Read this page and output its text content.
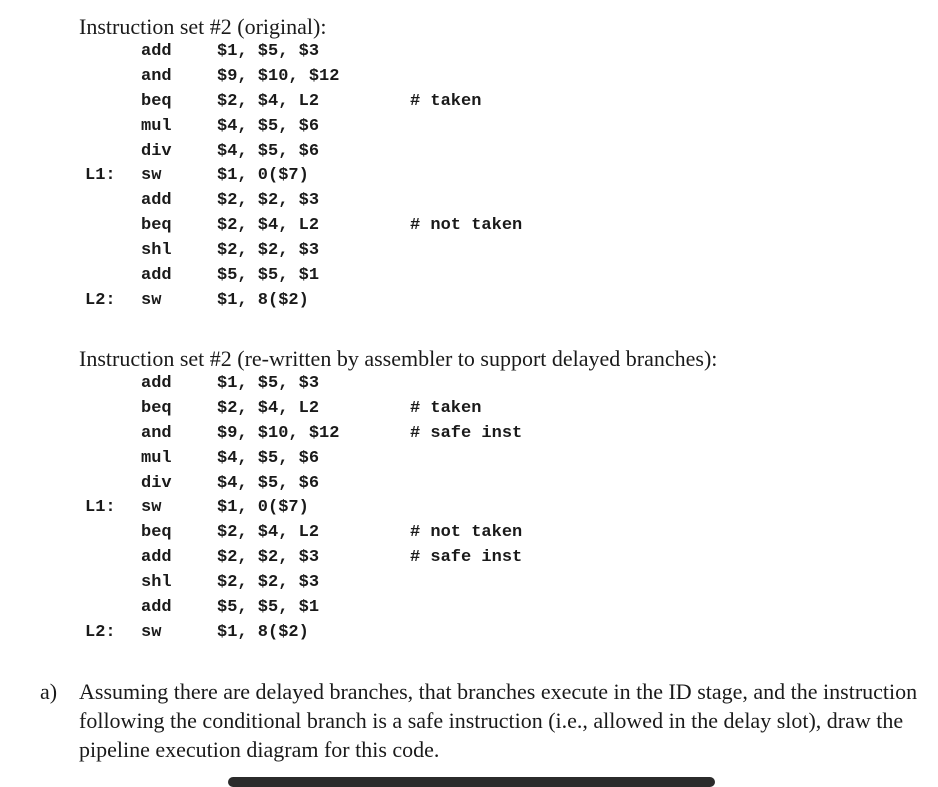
Instruction set #2 (original):
add	$1, $5, $3
and	$9, $10, $12
beq	$2, $4, L2	# taken
mul	$4, $5, $6
div	$4, $5, $6
L1: sw	$1, 0($7)
add	$2, $2, $3
beq	$2, $4, L2	# not taken
shl	$2, $2, $3
add	$5, $5, $1
L2: sw	$1, 8($2)
Instruction set #2 (re-written by assembler to support delayed branches):
add	$1, $5, $3
beq	$2, $4, L2	# taken
and	$9, $10, $12	# safe inst
mul	$4, $5, $6
div	$4, $5, $6
L1: sw	$1, 0($7)
beq	$2, $4, L2	# not taken
add	$2, $2, $3	# safe inst
shl	$2, $2, $3
add	$5, $5, $1
L2: sw	$1, 8($2)
a) Assuming there are delayed branches, that branches execute in the ID stage, and the instruction following the conditional branch is a safe instruction (i.e., allowed in the delay slot), draw the pipeline execution diagram for this code.
